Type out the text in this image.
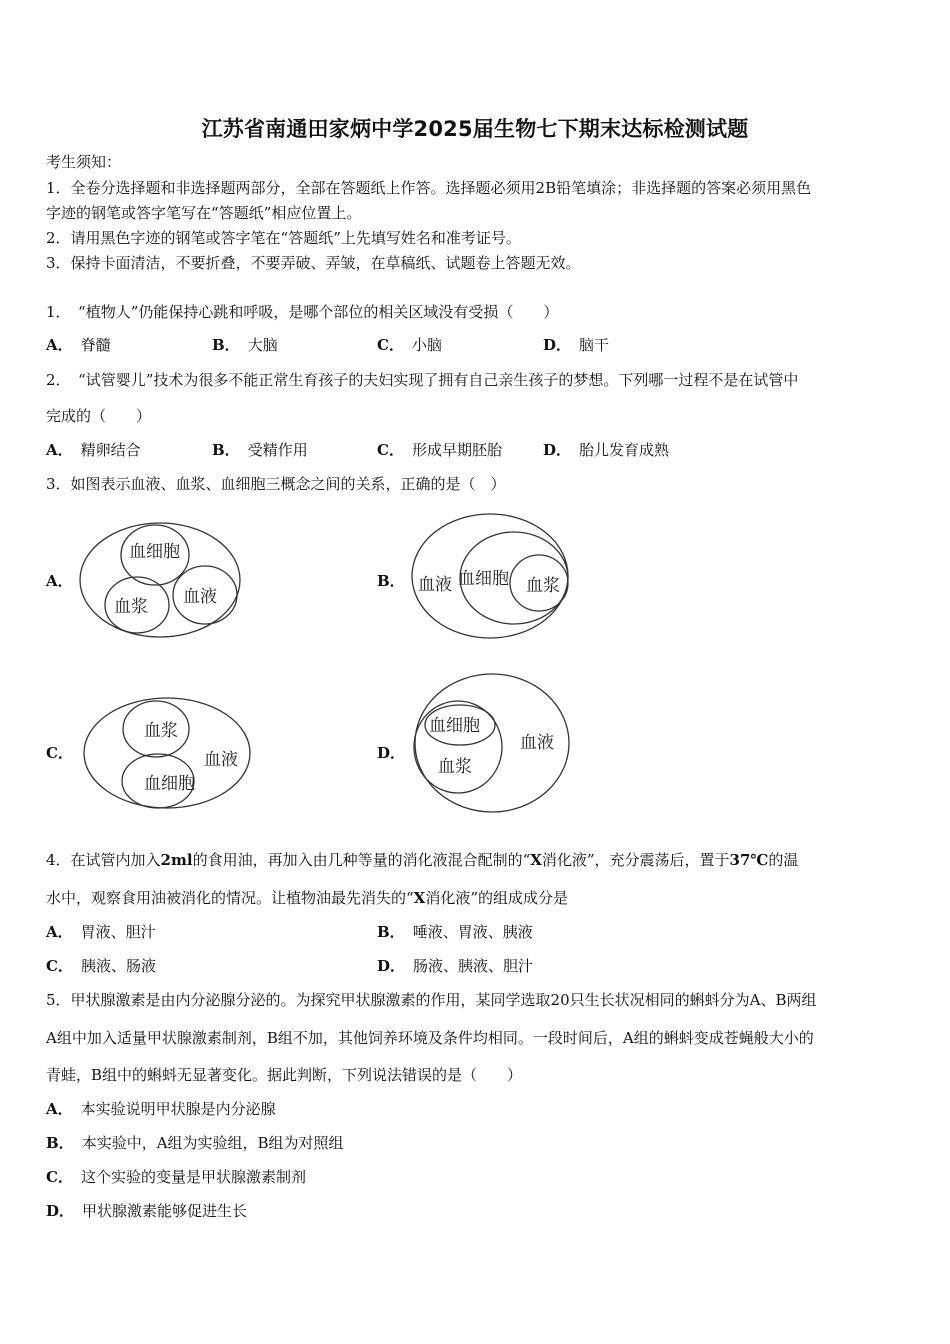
江苏省南通田家炳中学2025届生物七下期末达标检测试题
考生须知：
1．全卷分选择题和非选择题两部分，全部在答题纸上作答。选择题必须用2B铅笔填涂；非选择题的答案必须用黑色
字迹的钢笔或答字笔写在“答题纸”相应位置上。
2．请用黑色字迹的钢笔或答字笔在“答题纸”上先填写姓名和准考证号。
3．保持卡面清洁，不要折叠，不要弄破、弄皱，在草稿纸、试题卷上答题无效。
1．　“植物人”仍能保持心跳和呼吸，是哪个部位的相关区域没有受损（　　）
A． 脊髓	B． 大脑	C． 小脑	D． 脑干
2．　“试管婴儿”技术为很多不能正常生育孩子的夫妇实现了拥有自己亲生孩子的梦想。下列哪一过程不是在试管中
完成的（　　）
A． 精卵结合	B． 受精作用	C． 形成早期胚胎	D． 胎儿发育成熟
3．如图表示血液、血浆、血细胞三概念之间的关系，正确的是（　）
A．
血细胞
血浆 血液
B． 血液 血细胞 血浆
C．
血浆
血细胞
血液	D．
血细胞
血浆
血液
4．在试管内加入2ml的食用油，再加入由几种等量的消化液混合配制的“X消化液”，充分震荡后，置于37℃的温
水中，观察食用油被消化的情况。让植物油最先消失的“X消化液”的组成成分是
A． 胃液、胆汁	B． 唾液、胃液、胰液
C． 胰液、肠液	D． 肠液、胰液、胆汁
5．甲状腺激素是由内分泌腺分泌的。为探究甲状腺激素的作用，某同学选取20只生长状况相同的蝌蚪分为A、B两组
A组中加入适量甲状腺激素制剂，B组不加，其他饲养环境及条件均相同。一段时间后，A组的蝌蚪变成苍蝇般大小的
青蛙，B组中的蝌蚪无显著变化。据此判断，下列说法错误的是（　　）
A． 本实验说明甲状腺是内分泌腺
B． 本实验中，A组为实验组，B组为对照组
C． 这个实验的变量是甲状腺激素制剂
D． 甲状腺激素能够促进生长
